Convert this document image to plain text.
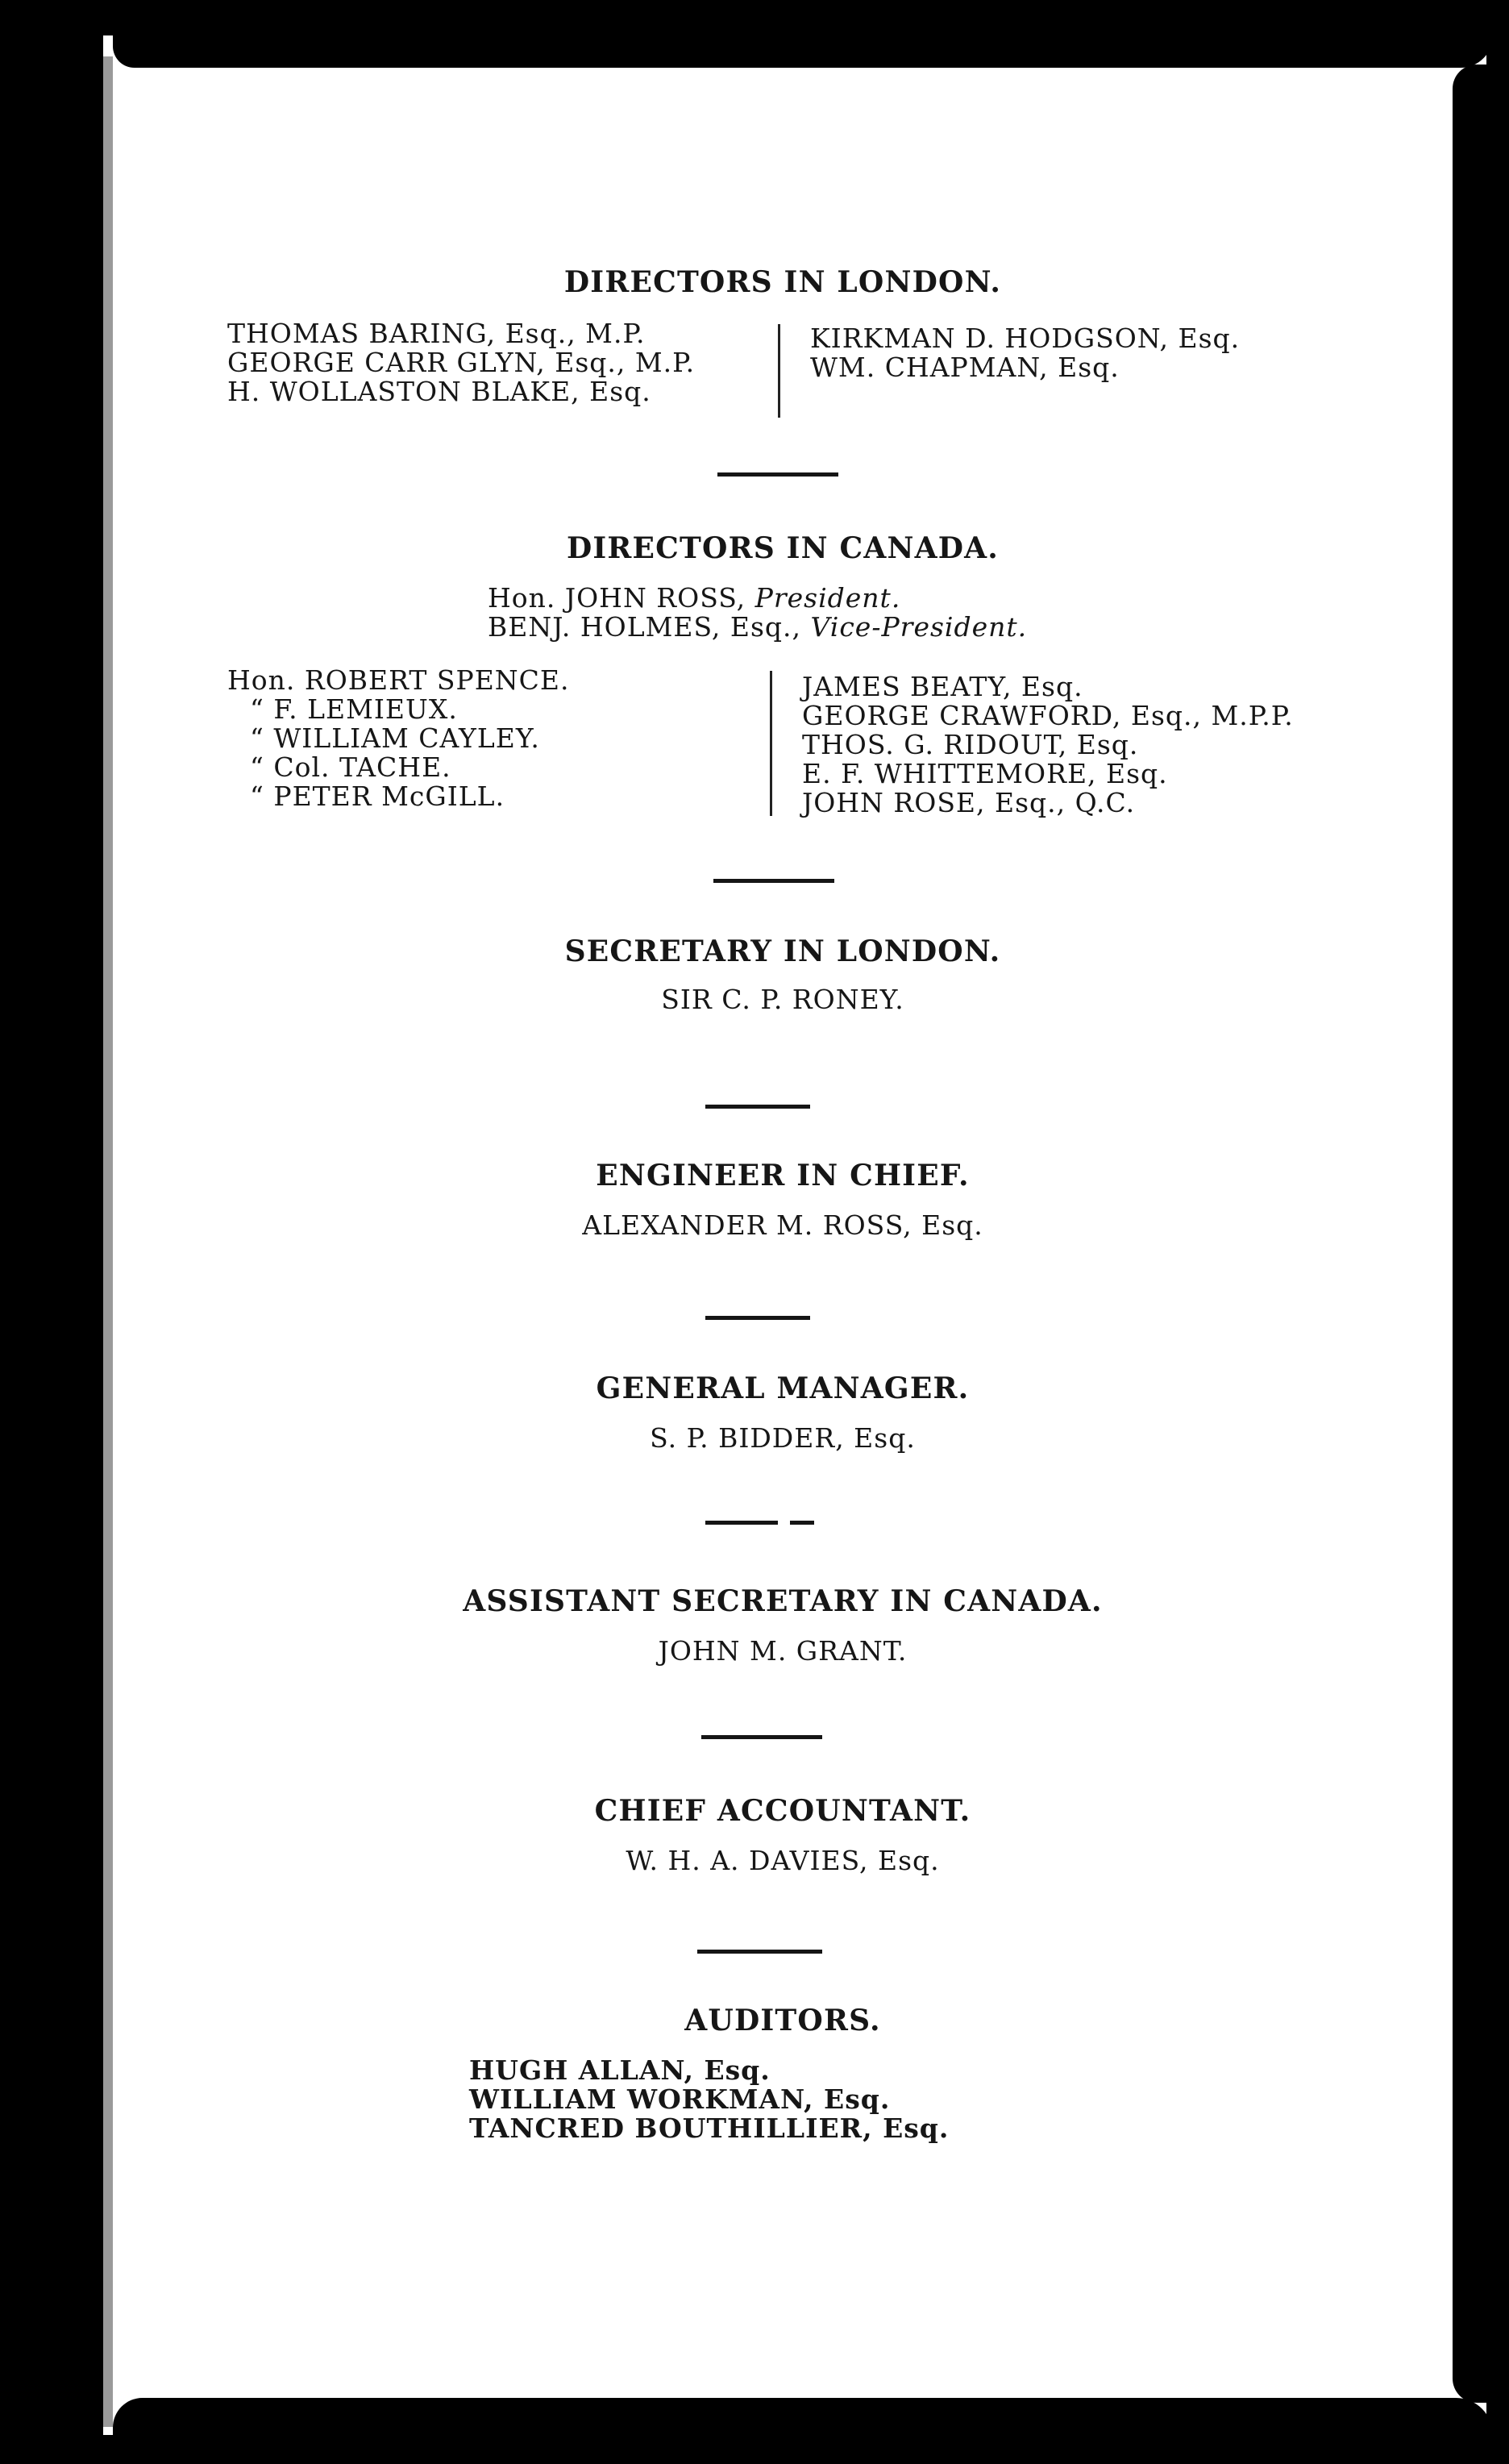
DIRECTORS IN LONDON.
THOMAS BARING, Esq., M.P.
GEORGE CARR GLYN, Esq., M.P.
H. WOLLASTON BLAKE, Esq.
KIRKMAN D. HODGSON, Esq.
WM. CHAPMAN, Esq.
DIRECTORS IN CANADA.
Hon. JOHN ROSS, President.
BENJ. HOLMES, Esq., Vice-President.
Hon. ROBERT SPENCE.
“ F. LEMIEUX.
“ WILLIAM CAYLEY.
“ Col. TACHE.
“ PETER McGILL.
JAMES BEATY, Esq.
GEORGE CRAWFORD, Esq., M.P.P.
THOS. G. RIDOUT, Esq.
E. F. WHITTEMORE, Esq.
JOHN ROSE, Esq., Q.C.
SECRETARY IN LONDON.
SIR C. P. RONEY.
ENGINEER IN CHIEF.
ALEXANDER M. ROSS, Esq.
GENERAL MANAGER.
S. P. BIDDER, Esq.
ASSISTANT SECRETARY IN CANADA.
JOHN M. GRANT.
CHIEF ACCOUNTANT.
W. H. A. DAVIES, Esq.
AUDITORS.
HUGH ALLAN, Esq.
WILLIAM WORKMAN, Esq.
TANCRED BOUTHILLIER, Esq.
